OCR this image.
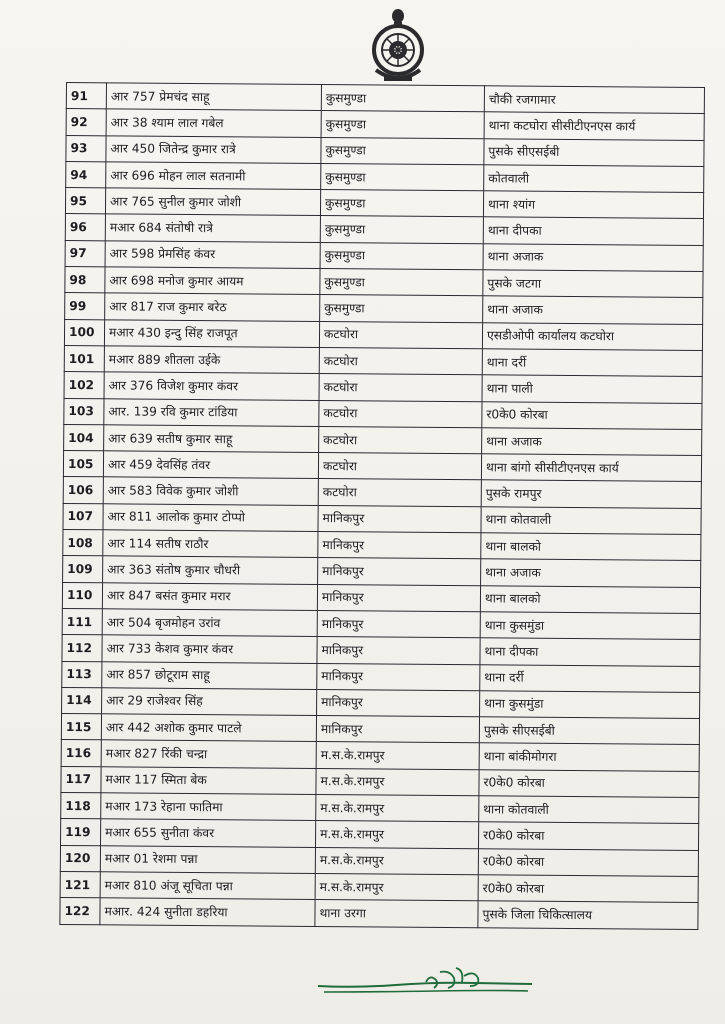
91	आर 757 प्रेमचंद साहू	कुसमुण्डा	चौकी रजगामार
92	आर 38 श्याम लाल गबेल	कुसमुण्डा	थाना कटघोरा सीसीटीएनएस कार्य
93	आर 450 जितेन्द्र कुमार रात्रे	कुसमुण्डा	पुसके सीएसईबी
94	आर 696 मोहन लाल सतनामी	कुसमुण्डा	कोतवाली
95	आर 765 सुनील कुमार जोशी	कुसमुण्डा	थाना श्यांग
96	मआर 684 संतोषी रात्रे	कुसमुण्डा	थाना दीपका
97	आर 598 प्रेमसिंह कंवर	कुसमुण्डा	थाना अजाक
98	आर 698 मनोज कुमार आयम	कुसमुण्डा	पुसके जटगा
99	आर 817 राज कुमार बरेठ	कुसमुण्डा	थाना अजाक
100	मआर 430 इन्दु सिंह राजपूत	कटघोरा	एसडीओपी कार्यालय कटघोरा
101	मआर 889 शीतला उईके	कटघोरा	थाना दर्री
102	आर 376 विजेश कुमार कंवर	कटघोरा	थाना पाली
103	आर. 139 रवि कुमार टांडिया	कटघोरा	र0के0 कोरबा
104	आर 639 सतीष कुमार साहू	कटघोरा	थाना अजाक
105	आर 459 देवसिंह तंवर	कटघोरा	थाना बांगो सीसीटीएनएस कार्य
106	आर 583 विवेक कुमार जोशी	कटघोरा	पुसके रामपुर
107	आर 811 आलोक कुमार टोप्पो	मानिकपुर	थाना कोतवाली
108	आर 114 सतीष राठौर	मानिकपुर	थाना बालको
109	आर 363 संतोष कुमार चौधरी	मानिकपुर	थाना अजाक
110	आर 847 बसंत कुमार मरार	मानिकपुर	थाना बालको
111	आर 504 बृजमोहन उरांव	मानिकपुर	थाना कुसमुंडा
112	आर 733 केशव कुमार कंवर	मानिकपुर	थाना दीपका
113	आर 857 छोटूराम साहू	मानिकपुर	थाना दर्री
114	आर 29 राजेश्वर सिंह	मानिकपुर	थाना कुसमुंडा
115	आर 442 अशोक कुमार पाटले	मानिकपुर	पुसके सीएसईबी
116	मआर 827 रिंकी चन्द्रा	म.स.के.रामपुर	थाना बांकीमोगरा
117	मआर 117 स्मिता बेक	म.स.के.रामपुर	र0के0 कोरबा
118	मआर 173 रेहाना फातिमा	म.स.के.रामपुर	थाना कोतवाली
119	मआर 655 सुनीता कंवर	म.स.के.रामपुर	र0के0 कोरबा
120	मआर 01 रेशमा पन्ना	म.स.के.रामपुर	र0के0 कोरबा
121	मआर 810 अंजू सूचिता पन्ना	म.स.के.रामपुर	र0के0 कोरबा
122	मआर. 424 सुनीता डहरिया	थाना उरगा	पुसके जिला चिकित्सालय
